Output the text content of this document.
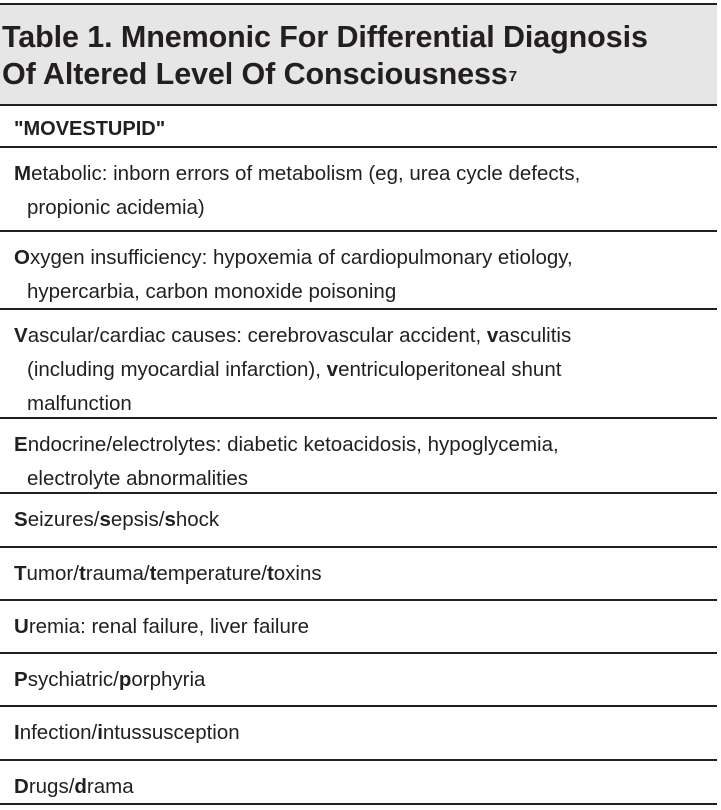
Table 1. Mnemonic For Differential Diagnosis
Of Altered Level Of Consciousness$^7$

"MOVESTUPID"
Metabolic: inborn errors of metabolism (eg, urea cycle defects,
propionic acidemia)
Oxygen insufficiency: hypoxemia of cardiopulmonary etiology,
hypercarbia, carbon monoxide poisoning
Vascular/cardiac causes: cerebrovascular accident, vasculitis
(including myocardial infarction), ventriculoperitoneal shunt
malfunction
Endocrine/electrolytes: diabetic ketoacidosis, hypoglycemia,
electrolyte abnormalities
Seizures/sepsis/shock
Tumor/trauma/temperature/toxins
Uremia: renal failure, liver failure
Psychiatric/porphyria
Infection/intussusception
Drugs/drama
